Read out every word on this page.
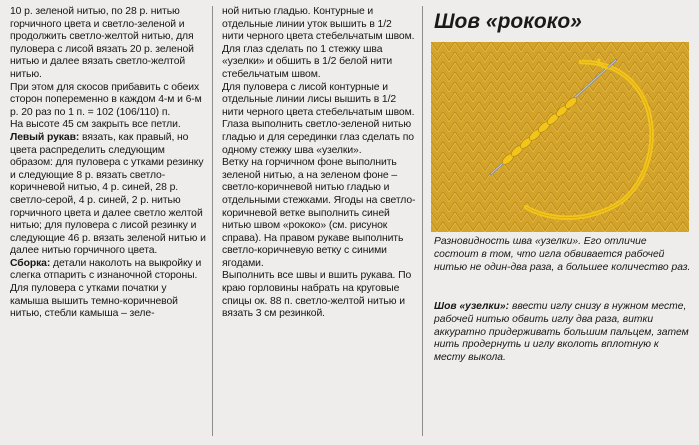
10 р. зеленой нитью, по 28 р. нитью горчичного цвета и светло-зеленой и продолжить светло-желтой нитью, для пуловера с лисой вязать 20 р. зеленой нитью и далее вязать светло-желтой нитью.

При этом для скосов прибавить с обеих сторон попеременно в каждом 4-м и 6-м р. 20 раз по 1 п. = 102 (106/110) п.

На высоте 45 см закрыть все петли.

Левый рукав: вязать, как правый, но цвета распределить следующим образом: для пуловера с утками резинку и следующие 8 р. вязать светло-коричневой нитью, 4 р. синей, 28 р. светло-серой, 4 р. синей, 2 р. нитью горчичного цвета и далее светло желтой нитью; для пуловера с лисой резинку и следующие 46 р. вязать зеленой нитью и далее нитью горчичного цвета.

Сборка: детали наколоть на выкройку и слегка отпарить с изнаночной стороны.

Для пуловера с утками початки у камыша вышить темно-коричневой нитью, стебли камыша – зеле-

ной нитью гладью. Контурные и отдельные линии уток вышить в 1/2 нити черного цвета стебельчатым швом. Для глаз сделать по 1 стежку шва «узелки» и обшить в 1/2 белой нити стебельчатым швом.

Для пуловера с лисой контурные и отдельные линии лисы вышить в 1/2 нити черного цвета стебельчатым швом. Глаза выполнить светло-зеленой нитью гладью и для серединки глаз сделать по одному стежку шва «узелки».

Ветку на горчичном фоне выполнить зеленой нитью, а на зеленом фоне – светло-коричневой нитью гладью и отдельными стежками. Ягоды на светло-коричневой ветке выполнить синей нитью швом «рококо» (см. рисунок справа). На правом рукаве выполнить светло-коричневую ветку с синими ягодами.

Выполнить все швы и вшить рукава. По краю горловины набрать на круговые спицы ок. 88 п. светло-желтой нитью и вязать 3 см резинкой.

Шов «рококо»

Разновидность шва «узелки». Его отличие состоит в том, что игла обвивается рабочей нитью не один-два раза, а большее количество раз.

Шов «узелки»: ввести иглу снизу в нужном месте, рабочей нитью обвить иглу два раза, витки аккуратно придерживать большим пальцем, затем нить продернуть и иглу вколоть вплотную к месту выкола.
